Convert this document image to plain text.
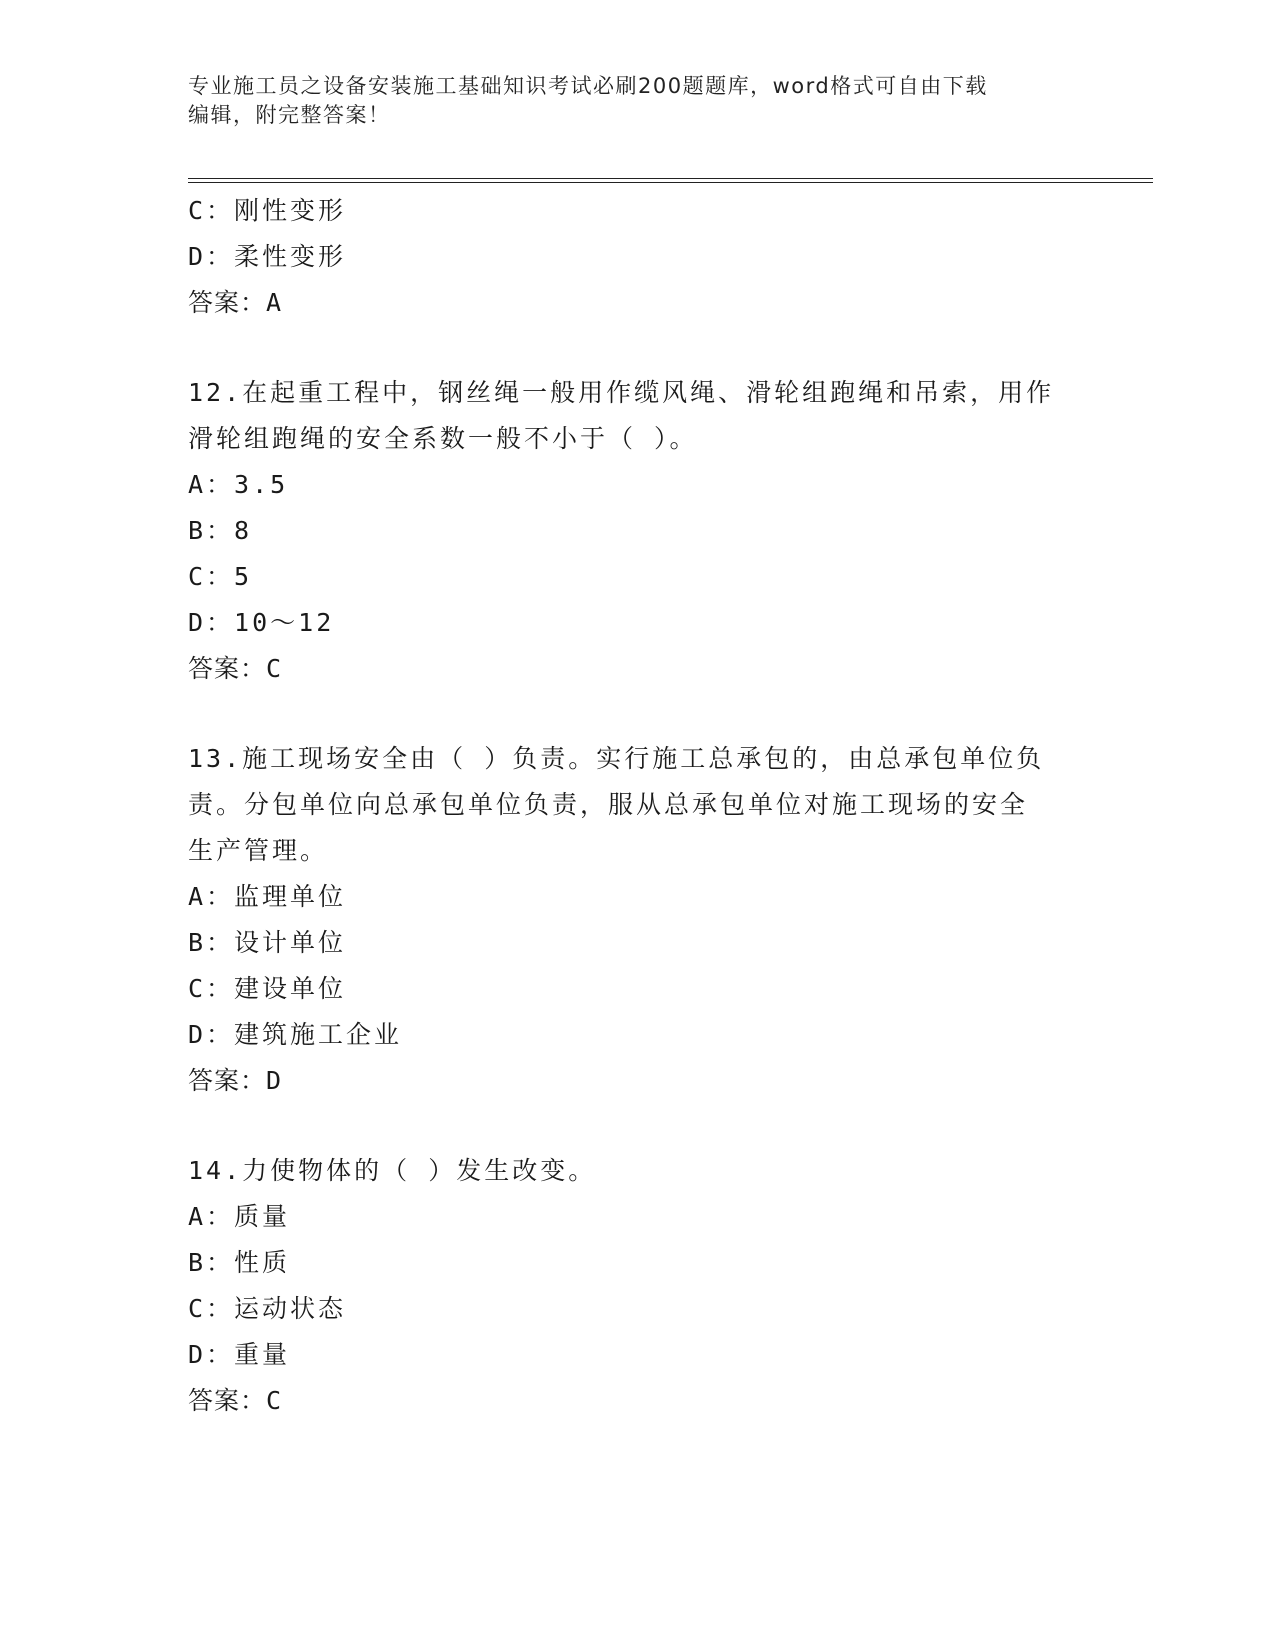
专业施工员之设备安装施工基础知识考试必刷200题题库，word格式可自由下载
编辑，附完整答案！
C：刚性变形
D：柔性变形
答案：A
12.在起重工程中，钢丝绳一般用作缆风绳、滑轮组跑绳和吊索，用作
滑轮组跑绳的安全系数一般不小于（ ）。
A：3.5
B：8
C：5
D：10～12
答案：C
13.施工现场安全由（ ）负责。实行施工总承包的，由总承包单位负
责。分包单位向总承包单位负责，服从总承包单位对施工现场的安全
生产管理。
A：监理单位
B：设计单位
C：建设单位
D：建筑施工企业
答案：D
14.力使物体的（ ）发生改变。
A：质量
B：性质
C：运动状态
D：重量
答案：C
